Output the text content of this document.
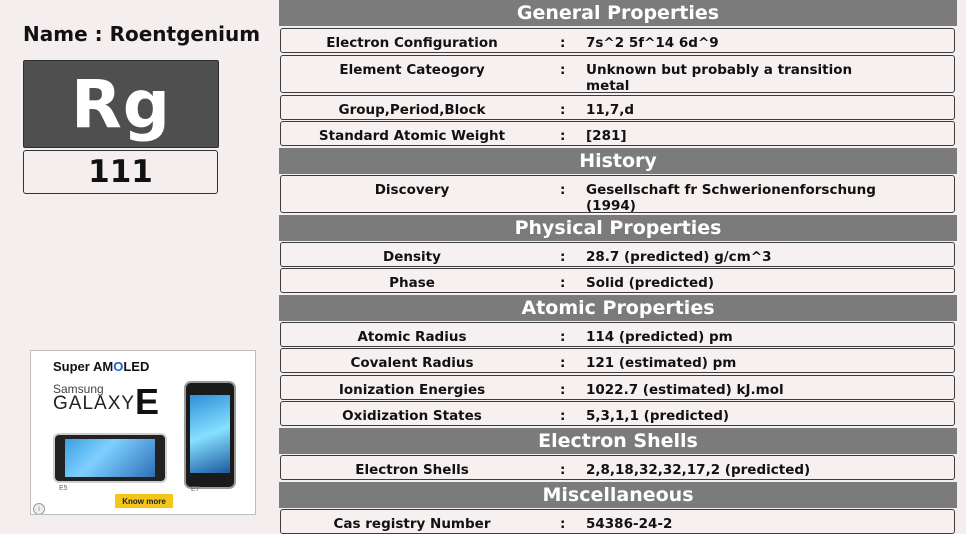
Name : Roentgenium
Rg
111
Super AMOLED
Samsung
GALAXY E
E5	E7
Know more
i
General Properties
Electron Configuration	: 7s^2 5f^14 6d^9
Element Cateogory	: Unknown but probably a transition metal
Group,Period,Block	: 11,7,d
Standard Atomic Weight	: [281]
History
Discovery	: Gesellschaft fr Schwerionenforschung (1994)
Physical Properties
Density	: 28.7 (predicted) g/cm^3
Phase	: Solid (predicted)
Atomic Properties
Atomic Radius	: 114 (predicted) pm
Covalent Radius	: 121 (estimated) pm
Ionization Energies	: 1022.7 (estimated) kJ.mol
Oxidization States	: 5,3,1,1 (predicted)
Electron Shells
Electron Shells	: 2,8,18,32,32,17,2 (predicted)
Miscellaneous
Cas registry Number	: 54386-24-2
